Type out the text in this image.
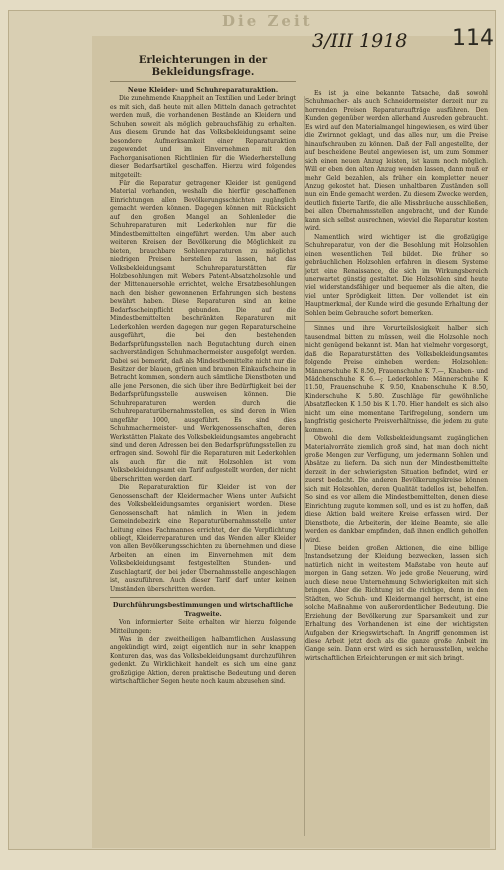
Die Zeit
3/III 1918 114
Erleichterungen in der Bekleidungsfrage.
Neue Kleider- und Schuhreparaturaktion.

Die zunehmende Knappheit an Textilien und Leder bringt es mit sich, daß heute mit allen Mitteln danach getrachtet werden muß, die vorhandenen Bestände an Kleidern und Schuhen soweit als möglich gebrauchsfähig zu erhalten. Aus diesem Grunde hat das Volksbekleidungsamt seine besondere Aufmerksamkeit einer Reparaturaktion zugewendet und im Einvernehmen mit den Fachorganisationen Richtlinien für die Wiederherstellung dieser Bedarfsartikel geschaffen. Hierzu wird folgendes mitgeteilt:

Für die Reparatur getragener Kleider ist genügend Material vorhanden, weshalb die hierfür geschaffenen Einrichtungen allen Bevölkerungsschichten zugänglich gemacht werden können. Dagegen können mit Rücksicht auf den großen Mangel an Sohlenleder die Schuhreparaturen mit Lederkohlen nur für die Mindestbemittelten eingeführt werden. Um aber auch weiteren Kreisen der Bevölkerung die Möglichkeit zu bieten, brauchbare Sohlenreparaturen zu möglichst niedrigen Preisen herstellen zu lassen, hat das Volksbekleidungsamt Schuhreparaturstätten für Holzbesohlungen mit Webers Patent-Absatzholzsohle und der Mittenauersohle errichtet, welche Ersatzbesohlungen nach den bisher gewonnenen Erfahrungen sich bestens bewährt haben. Diese Reparaturen sind an keine Bedarfsscheinpflicht gebunden. Die auf die Mindestbemittelten beschränkten Reparaturen mit Lederkohlen werden dagegen nur gegen Reparaturscheine ausgeführt, die bei den bestehenden Bedarfsprüfungsstellen nach Begutachtung durch einen sachverständigen Schuhmachermeister ausgefolgt werden. Dabei sei bemerkt, daß als Mindestbemittelte nicht nur die Besitzer der blauen, grünen und braunen Einkaufscheine in Betracht kommen, sondern auch sämtliche Dienstboten und alle jene Personen, die sich über ihre Bedürftigkeit bei der Bedarfsprüfungsstelle ausweisen können. Die Schuhreparaturen werden durch die Schuhreparaturübernahmsstellen, es sind deren in Wien ungefähr 1000, ausgeführt. Es sind dies Schuhmachermeister- und Werkgenossenschaften, deren Werkstätten Plakate des Volksbekleidungsamtes angebracht sind und deren Adressen bei den Bedarfsprüfungsstellen zu erfragen sind. Sowohl für die Reparaturen mit Lederkohlen als auch für die mit Holzsohlen ist vom Volksbekleidungsamt ein Tarif aufgestellt worden, der nicht überschritten werden darf.

Die Reparaturaktion für Kleider ist von der Genossenschaft der Kleidermacher Wiens unter Aufsicht des Volksbekleidungsamtes organisiert worden. Diese Genossenschaft hat nämlich in Wien in jedem Gemeindebezirk eine Reparaturübernahmsstelle unter Leitung eines Fachmannes errichtet, der die Verpflichtung obliegt, Kleiderreparaturen und das Wenden aller Kleider von allen Bevölkerungsschichten zu übernehmen und diese Arbeiten an einen im Einvernehmen mit dem Volksbekleidungsamt festgestellten Stunden- und Zuschlagtarif, der bei jeder Übernahmsstelle angeschlagen ist, auszuführen. Auch dieser Tarif darf unter keinen Umständen überschritten werden.

Durchführungsbestimmungen und wirtschaftliche Tragweite.

Von informierter Seite erhalten wir hierzu folgende Mitteilungen:

Was in der zweitheiligen halbamtlichen Auslassung angekündigt wird, zeigt eigentlich nur in sehr knappen Konturen das, was das Volksbekleidungsamt durchzuführen gedenkt. Zu Wirklichkeit handelt es sich um eine ganz großzügige Aktion, deren praktische Bedeutung und deren wirtschaftlicher Segen heute noch kaum abzusehen sind.

Es ist ja eine bekannte Tatsache, daß sowohl Schuhmacher- als auch Schneidermeister derzeit nur zu horrenden Preisen Reparaturaufträge ausführen. Den Kunden gegenüber werden allerhand Ausreden gebraucht. Es wird auf den Materialmangel hingewiesen, es wird über die Zwirnnot geklagt, und das alles nur, um die Preise hinaufschrauben zu können. Daß der Fall angestellte, der auf bescheidene Beutel angewiesen ist, um zum Sommer sich einen neuen Anzug leisten, ist kaum noch möglich. Will er eben den alten Anzug wenden lassen, dann muß er mehr Geld bezahlen, als früher ein kompletter neuer Anzug gekostet hat. Diesen unhaltbaren Zuständen soll nun ein Ende gemacht werden. Zu diesem Zwecke werden, deutlich fixierte Tarife, die alle Missbräuche ausschließen, bei allen Übernahmsstellen angebracht, und der Kunde kann sich selbst ausrechnen, wieviel die Reparatur kosten wird.

Namentlich wird wichtiger ist die großzügige Schuhreparatur, von der die Besohlung mit Holzsohlen einen wesentlichen Teil bildet. Die früher so gebräuchlichen Holzsohlen erfahren in diesem Systeme jetzt eine Renaissance, die sich im Wirkungsbereich unerwartet günstig gestaltet. Die Holzsohlen sind heute viel widerstandsfähiger und bequemer als die alten, die viel unter Sprödigkeit litten. Der vollendet ist ein Hauptmerkmal, der Kunde wird die gesunde Erhaltung der Sohlen beim Gebrauche sofort bemerken.

Sinnes und ihre Vorurteilslosigkeit halber sich tausendmal bitten zu müssen, weil die Holzsohle noch nicht genügend bekannt ist. Man hat vielmehr vorgesorgt, daß die Reparaturstätten des Volksbekleidungsamtes folgende Preise einheben werden: Holzsohlen: Männerschuhe K 8.50, Frauenschuhe K 7.—, Knaben- und Mädchenschuhe K 6.—; Lederkohlen: Männerschuhe K 11.50, Frauenschuhe K 9.50, Knabenschuhe K 8.50, Kinderschuhe K 5.80. Zuschläge für gewöhnliche Absatzflecken K 1.50 bis K 1.70. Hier handelt es sich also nicht um eine momentane Tarifregelung, sondern um langfristig gesicherte Preisverhältnisse, die jedem zu gute kommen.

Obwohl die dem Volksbekleidungsamt zugänglichen Materialvorräte ziemlich groß sind, hat man doch nicht große Mengen zur Verfügung, um jedermann Sohlen und Absätze zu liefern. Da sich nun der Mindestbemittelte derzeit in der schwierigsten Situation befindet, wird er zuerst bedacht. Die anderen Bevölkerungskreise können sich mit Holzsohlen, deren Qualität tadellos ist, behelfen. So sind es vor allem die Mindestbemittelten, denen diese Einrichtung zugute kommen soll, und es ist zu hoffen, daß diese Aktion bald weitere Kreise erfassen wird. Der Dienstbote, die Arbeiterin, der kleine Beamte, sie alle werden es dankbar empfinden, daß ihnen endlich geholfen wird.

Diese beiden großen Aktionen, die eine billige Instandsetzung der Kleidung bezwecken, lassen sich natürlich nicht in weitestem Maßstabe von heute auf morgen in Gang setzen. Wo jede große Neuerung, wird auch diese neue Unternehmung Schwierigkeiten mit sich bringen. Aber die Richtung ist die richtige, denn in den Städten, wo Schuh- und Kleidermangel herrscht, ist eine solche Maßnahme von außerordentlicher Bedeutung. Die Erziehung der Bevölkerung zur Sparsamkeit und zur Erhaltung des Vorhandenen ist eine der wichtigsten Aufgaben der Kriegswirtschaft. In Angriff genommen ist diese Arbeit jetzt doch als die ganze große Anbeit im Gange sein. Dann erst wird es sich herausstellen, welche wirtschaftlichen Erleichterungen er mit sich bringt.
